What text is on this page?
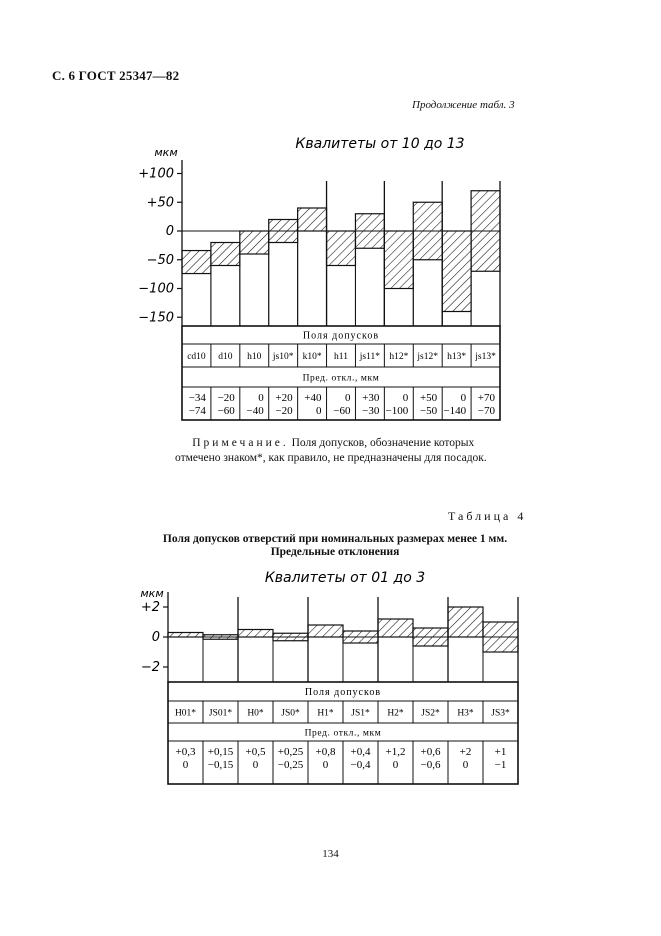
С. 6 ГОСТ 25347—82
Продолжение табл. 3
Квалитеты от 10 до 13
мкм
+100
+50
0
−50
−100
−150
Поля допусков
Пред. откл., мкм
cd10
−34
−74
d10
−20
−60
h10
0
−40
js10*
+20
−20
k10*
+40
0
h11
0
−60
js11*
+30
−30
h12*
0
−100
js12*
+50
−50
h13*
0
−140
js13*
+70
−70
Квалитеты от 01 до 3
мкм
+2
0
−2
Поля допусков
Пред. откл., мкм
H01*
+0,3
0
JS01*
+0,15
−0,15
H0*
+0,5
0
JS0*
+0,25
−0,25
H1*
+0,8
0
JS1*
+0,4
−0,4
H2*
+1,2
0
JS2*
+0,6
−0,6
H3*
+2
0
JS3*
+1
−1
Примечание. Поля допусков, обозначение которых отмечено знаком*, как правило, не предназначены для посадок.
Таблица 4
Поля допусков отверстий при номинальных размерах менее 1 мм.
Предельные отклонения
134
